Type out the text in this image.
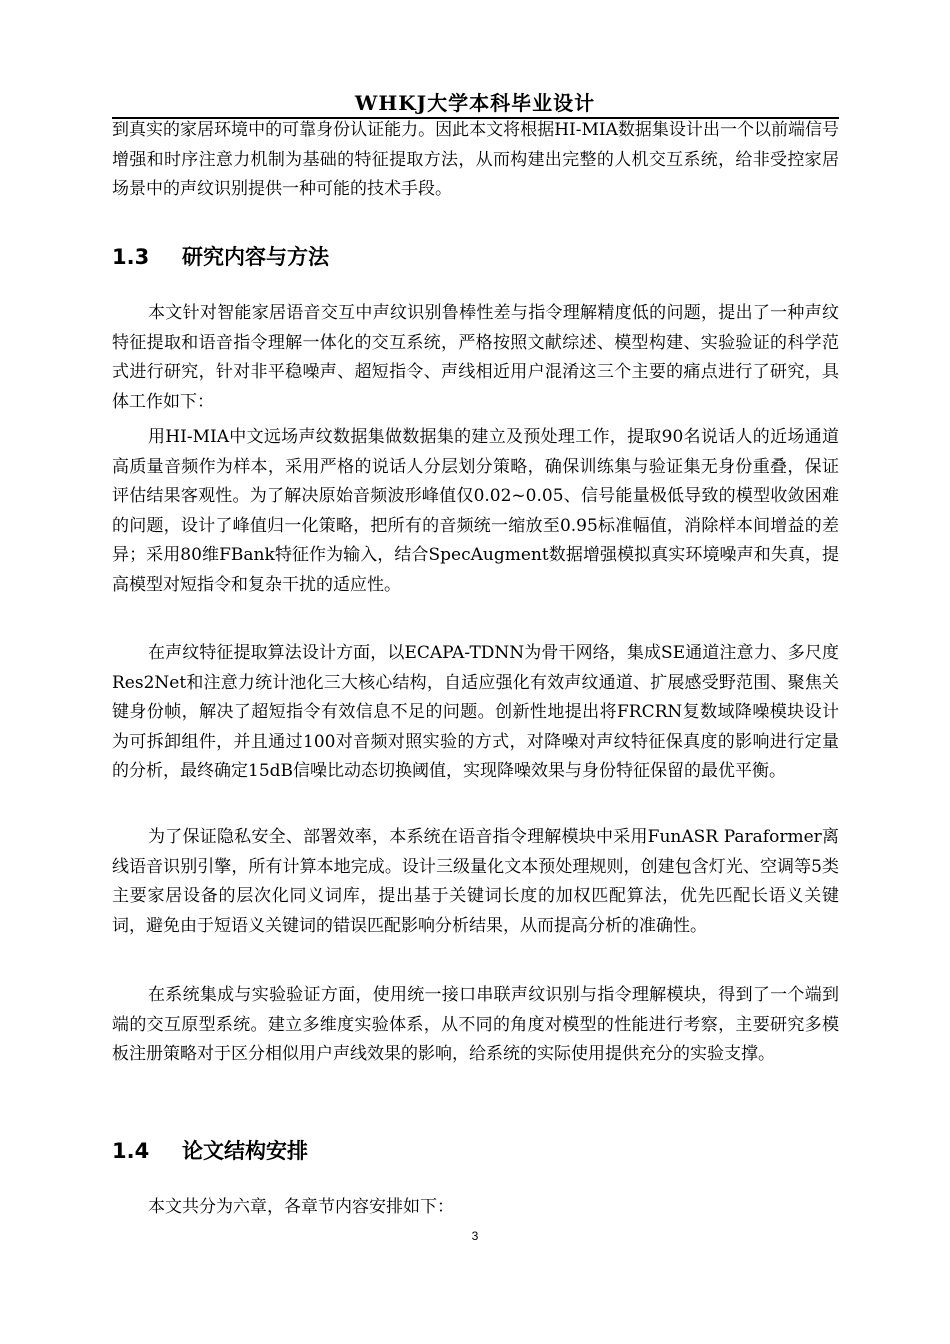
WHKJ大学本科毕业设计

到真实的家居环境中的可靠身份认证能力。因此本文将根据HI-MIA数据集设计出一个以前端信号增强和时序注意力机制为基础的特征提取方法，从而构建出完整的人机交互系统，给非受控家居场景中的声纹识别提供一种可能的技术手段。

1.3 研究内容与方法

本文针对智能家居语音交互中声纹识别鲁棒性差与指令理解精度低的问题，提出了一种声纹特征提取和语音指令理解一体化的交互系统，严格按照文献综述、模型构建、实验验证的科学范式进行研究，针对非平稳噪声、超短指令、声线相近用户混淆这三个主要的痛点进行了研究，具体工作如下：

用HI-MIA中文远场声纹数据集做数据集的建立及预处理工作，提取90名说话人的近场通道高质量音频作为样本，采用严格的说话人分层划分策略，确保训练集与验证集无身份重叠，保证评估结果客观性。为了解决原始音频波形峰值仅0.02~0.05、信号能量极低导致的模型收敛困难的问题，设计了峰值归一化策略，把所有的音频统一缩放至0.95标准幅值，消除样本间增益的差异；采用80维FBank特征作为输入，结合SpecAugment数据增强模拟真实环境噪声和失真，提高模型对短指令和复杂干扰的适应性。

在声纹特征提取算法设计方面，以ECAPA-TDNN为骨干网络，集成SE通道注意力、多尺度Res2Net和注意力统计池化三大核心结构，自适应强化有效声纹通道、扩展感受野范围、聚焦关键身份帧，解决了超短指令有效信息不足的问题。创新性地提出将FRCRN复数域降噪模块设计为可拆卸组件，并且通过100对音频对照实验的方式，对降噪对声纹特征保真度的影响进行定量的分析，最终确定15dB信噪比动态切换阈值，实现降噪效果与身份特征保留的最优平衡。

为了保证隐私安全、部署效率，本系统在语音指令理解模块中采用FunASR Paraformer离线语音识别引擎，所有计算本地完成。设计三级量化文本预处理规则，创建包含灯光、空调等5类主要家居设备的层次化同义词库，提出基于关键词长度的加权匹配算法，优先匹配长语义关键词，避免由于短语义关键词的错误匹配影响分析结果，从而提高分析的准确性。

在系统集成与实验验证方面，使用统一接口串联声纹识别与指令理解模块，得到了一个端到端的交互原型系统。建立多维度实验体系，从不同的角度对模型的性能进行考察，主要研究多模板注册策略对于区分相似用户声线效果的影响，给系统的实际使用提供充分的实验支撑。

1.4 论文结构安排

本文共分为六章，各章节内容安排如下：

3
